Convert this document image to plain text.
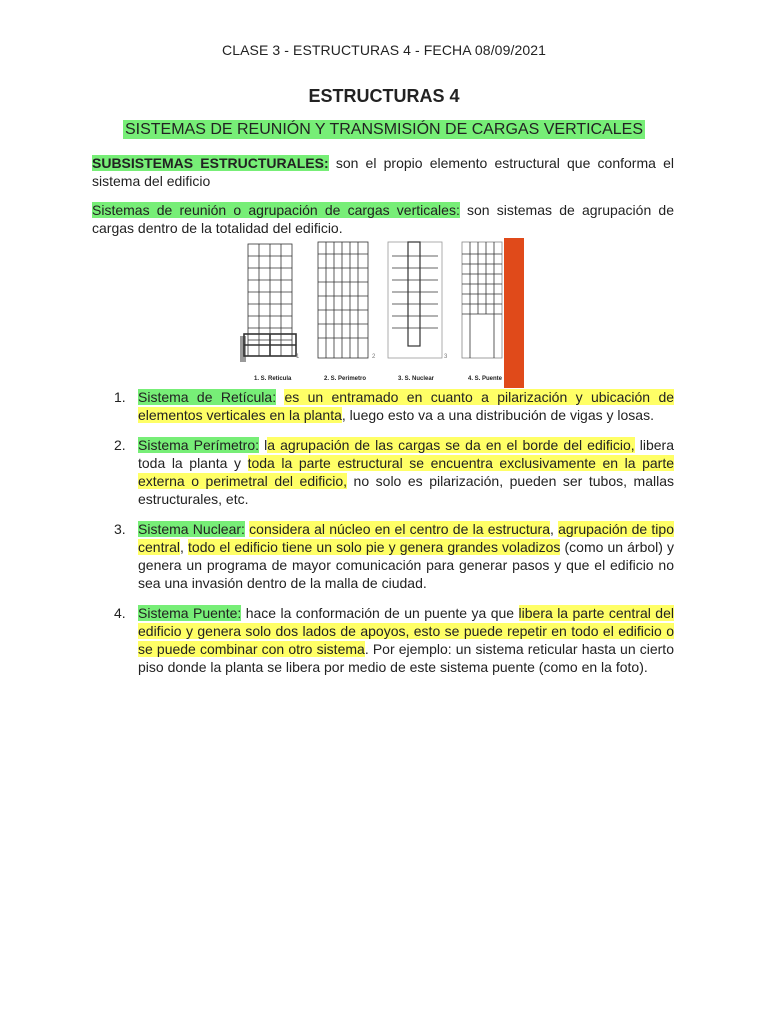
CLASE 3 - ESTRUCTURAS 4 - FECHA 08/09/2021
ESTRUCTURAS 4
SISTEMAS DE REUNIÓN Y TRANSMISIÓN DE CARGAS VERTICALES
SUBSISTEMAS ESTRUCTURALES: son el propio elemento estructural que conforma el sistema del edificio
Sistemas de reunión o agrupación de cargas verticales: son sistemas de agrupación de cargas dentro de la totalidad del edificio.
1	2	3
1. S. Reticula	2. S. Perimetro	3. S. Nuclear	4. S. Puente
1. Sistema de Retícula: es un entramado en cuanto a pilarización y ubicación de elementos verticales en la planta, luego esto va a una distribución de vigas y losas.
2. Sistema Perímetro: la agrupación de las cargas se da en el borde del edificio, libera toda la planta y toda la parte estructural se encuentra exclusivamente en la parte externa o perimetral del edificio, no solo es pilarización, pueden ser tubos, mallas estructurales, etc.
3. Sistema Nuclear: considera al núcleo en el centro de la estructura, agrupación de tipo central, todo el edificio tiene un solo pie y genera grandes voladizos (como un árbol) y genera un programa de mayor comunicación para generar pasos y que el edificio no sea una invasión dentro de la malla de ciudad.
4. Sistema Puente: hace la conformación de un puente ya que libera la parte central del edificio y genera solo dos lados de apoyos, esto se puede repetir en todo el edificio o se puede combinar con otro sistema. Por ejemplo: un sistema reticular hasta un cierto piso donde la planta se libera por medio de este sistema puente (como en la foto).
